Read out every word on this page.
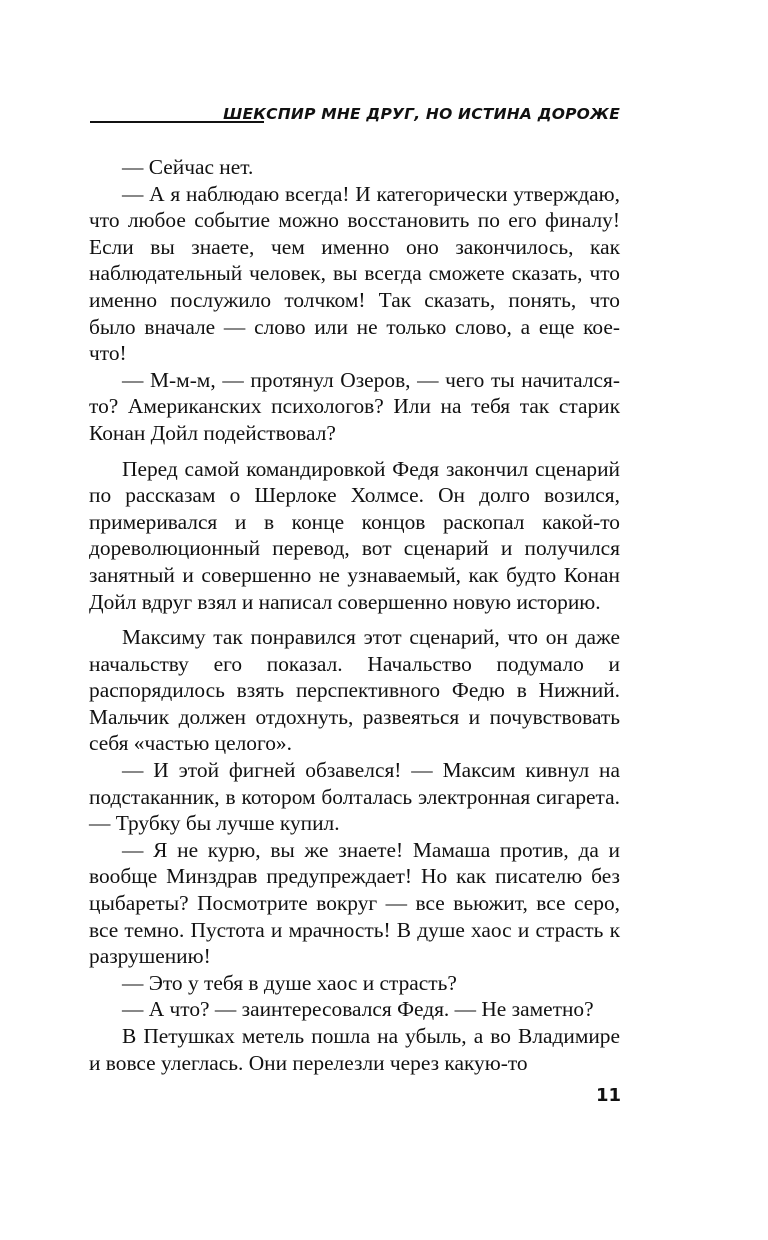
ШЕКСПИР МНЕ ДРУГ, НО ИСТИНА ДОРОЖЕ

— Сейчас нет.

— А я наблюдаю всегда! И категорически утверждаю, что любое событие можно восстановить по его финалу! Если вы знаете, чем именно оно закончилось, как наблюдательный человек, вы всегда сможете сказать, что именно послужило толчком! Так сказать, понять, что было вначале — слово или не только слово, а еще кое-что!

— М-м-м, — протянул Озеров, — чего ты начитался-то? Американских психологов? Или на тебя так старик Конан Дойл подействовал?

Перед самой командировкой Федя закончил сценарий по рассказам о Шерлоке Холмсе. Он долго возился, примеривался и в конце концов раскопал какой-то дореволюционный перевод, вот сценарий и получился занятный и совершенно не узнаваемый, как будто Конан Дойл вдруг взял и написал совершенно новую историю.

Максиму так понравился этот сценарий, что он даже начальству его показал. Начальство подумало и распорядилось взять перспективного Федю в Нижний. Мальчик должен отдохнуть, развеяться и почувствовать себя «частью целого».

— И этой фигней обзавелся! — Максим кивнул на подстаканник, в котором болталась электронная сигарета. — Трубку бы лучше купил.

— Я не курю, вы же знаете! Мамаша против, да и вообще Минздрав предупреждает! Но как писателю без цыбареты? Посмотрите вокруг — все вьюжит, все серо, все темно. Пустота и мрачность! В душе хаос и страсть к разрушению!

— Это у тебя в душе хаос и страсть?

— А что? — заинтересовался Федя. — Не заметно?

В Петушках метель пошла на убыль, а во Владимире и вовсе улеглась. Они перелезли через какую-то

11
